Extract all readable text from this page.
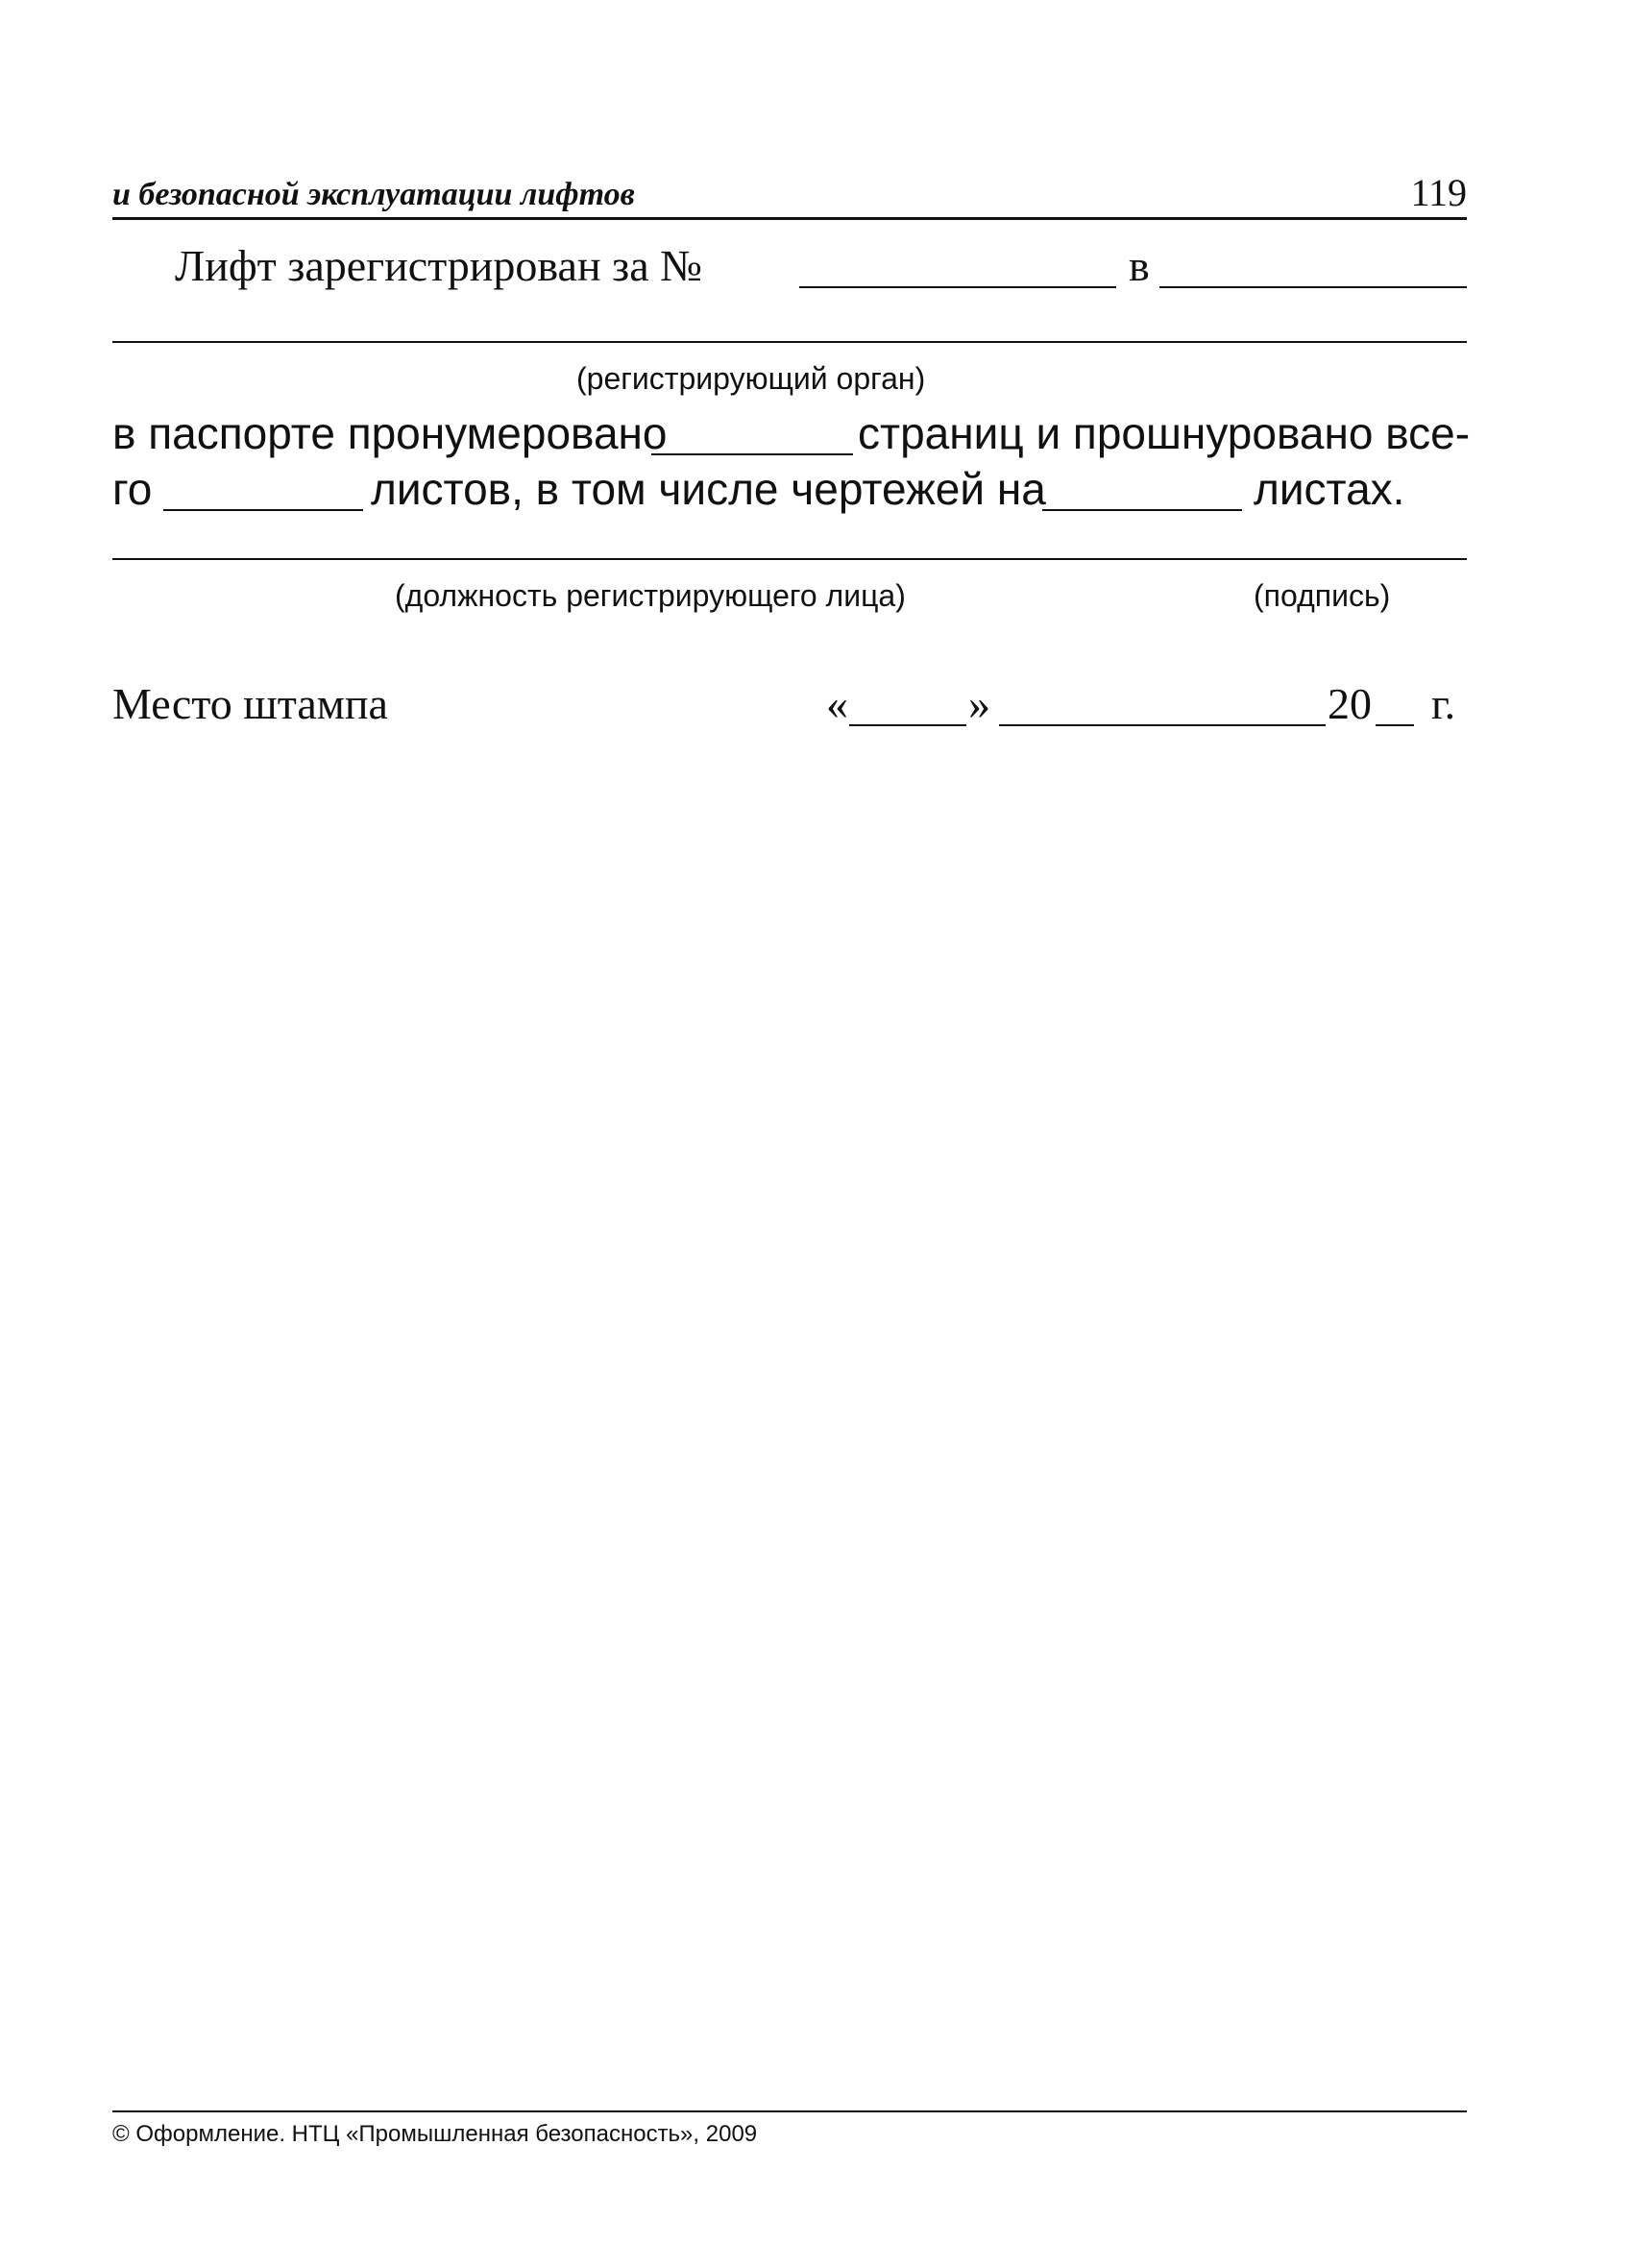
и безопасной эксплуатации лифтов	119
Лифт зарегистрирован за №	в
(регистрирующий орган)
в паспорте пронумеровано	страниц и прошнуровано все-
го	листов, в том числе чертежей на	листах.
(должность регистрирующего лица)	(подпись)
Место штампа	«	»	20 г.
© Оформление. НТЦ «Промышленная безопасность», 2009
